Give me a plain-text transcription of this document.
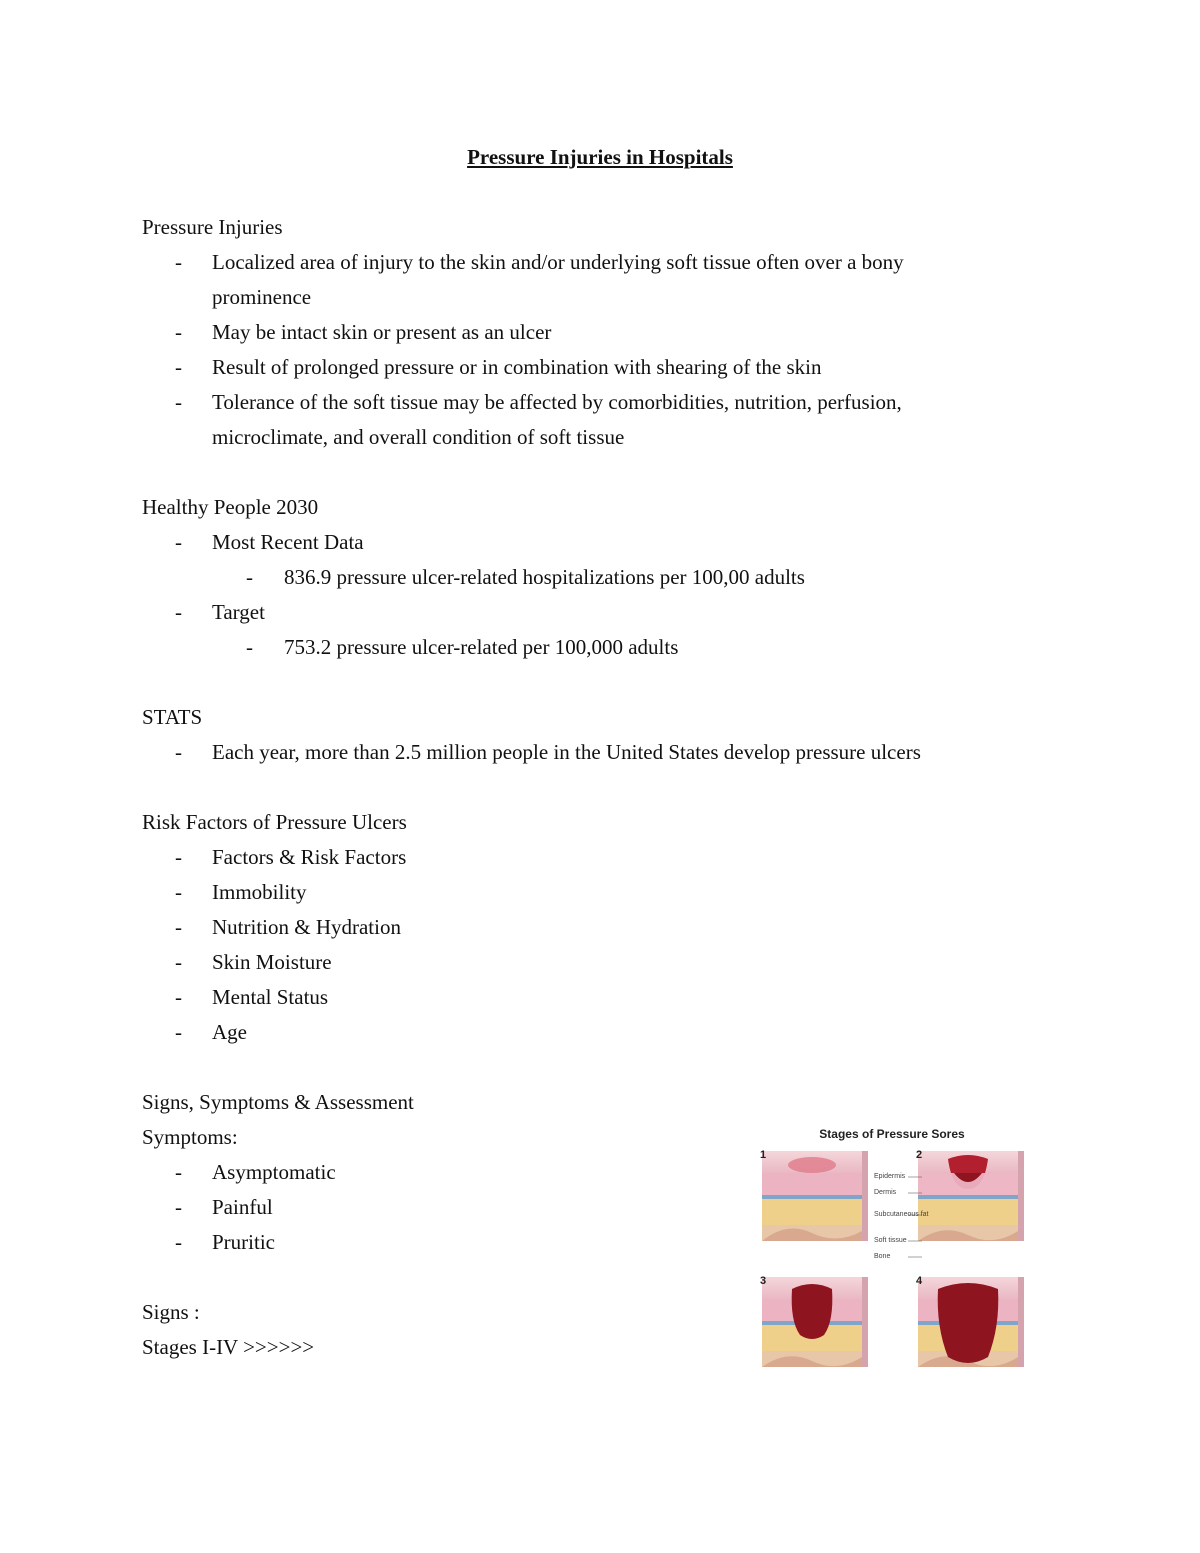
Pressure Injuries in Hospitals

Pressure Injuries

- Localized area of injury to the skin and/or underlying soft tissue often over a bony
prominence
- May be intact skin or present as an ulcer
- Result of prolonged pressure or in combination with shearing of the skin
- Tolerance of the soft tissue may be affected by comorbidities, nutrition, perfusion,
microclimate, and overall condition of soft tissue

Healthy People 2030

- Most Recent Data
- 836.9 pressure ulcer-related hospitalizations per 100,00 adults
- Target
- 753.2 pressure ulcer-related per 100,000 adults

STATS

- Each year, more than 2.5 million people in the United States develop pressure ulcers

Risk Factors of Pressure Ulcers

- Factors & Risk Factors
- Immobility
- Nutrition & Hydration
- Skin Moisture
- Mental Status
- Age

Signs, Symptoms & Assessment

Symptoms:

- Asymptomatic
- Painful
- Pruritic

Signs :

Stages I-IV >>>>>>

Stages of Pressure Sores
1	2
3	4
Epidermis
Dermis
Subcutaneous fat
Soft tissue
Bone
